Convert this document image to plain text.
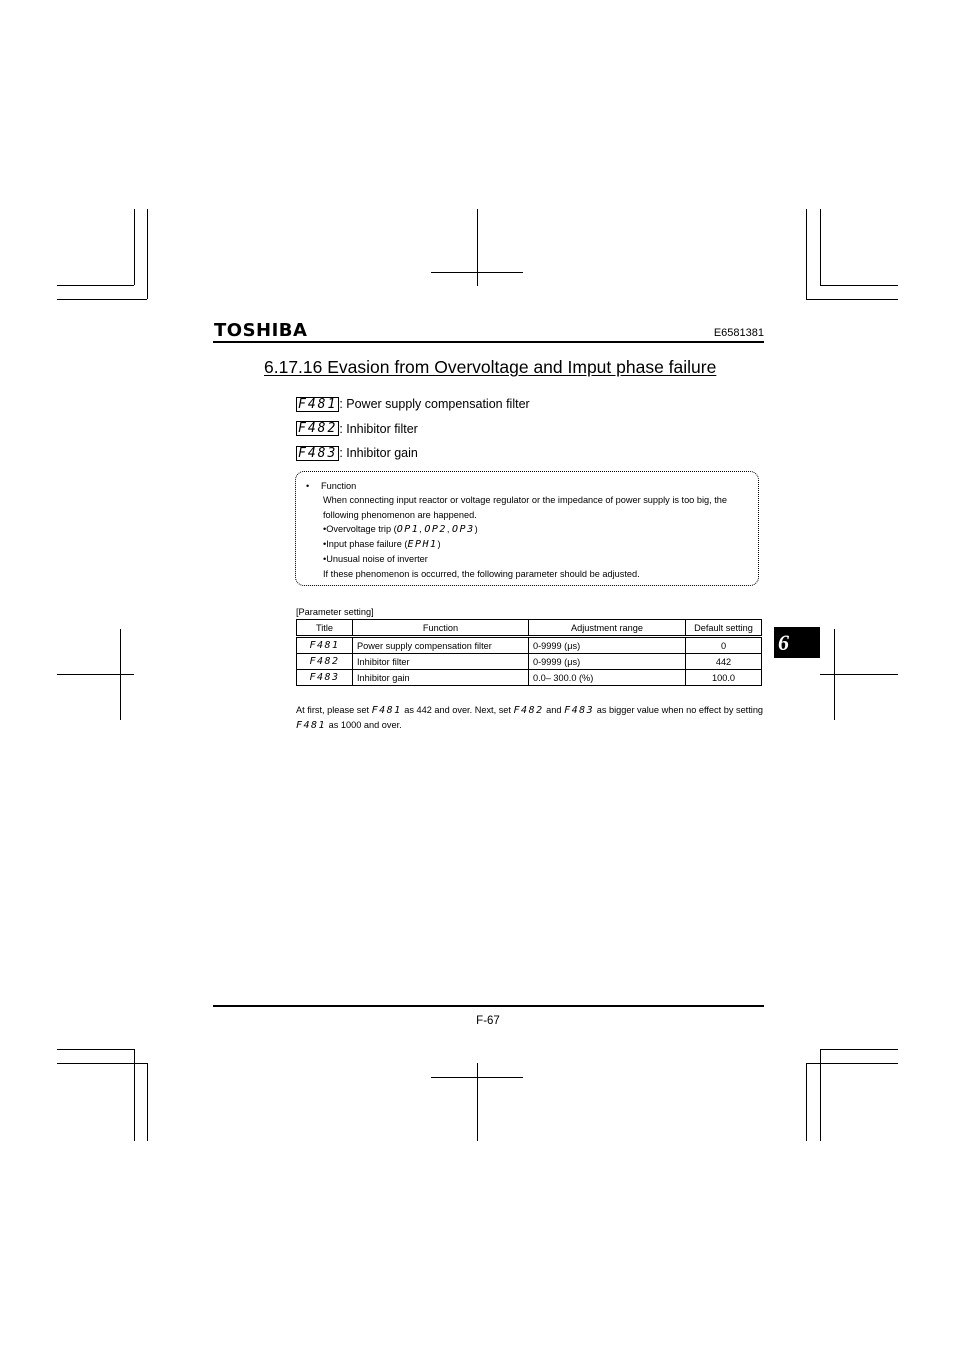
TOSHIBA	E6581381
6.17.16 Evasion from Overvoltage and Imput phase failure
F481 : Power supply compensation filter
F482 : Inhibitor filter
F483 : Inhibitor gain
• Function
When connecting input reactor or voltage regulator or the impedance of power supply is too big, the following phenomenon are happened.
•Overvoltage trip (OP1, OP2, OP3)
•Input phase failure (EPH1)
•Unusual noise of inverter
If these phenomenon is occurred, the following parameter should be adjusted.
[Parameter setting]
Title	Function	Adjustment range	Default setting
F481	Power supply compensation filter	0-9999 (μs)	0
F482	Inhibitor filter	0-9999 (μs)	442
F483	Inhibitor gain	0.0– 300.0 (%)	100.0
At first, please set F481 as 442 and over. Next, set F482 and F483 as bigger value when no effect by setting F481 as 1000 and over.
6
F-67
